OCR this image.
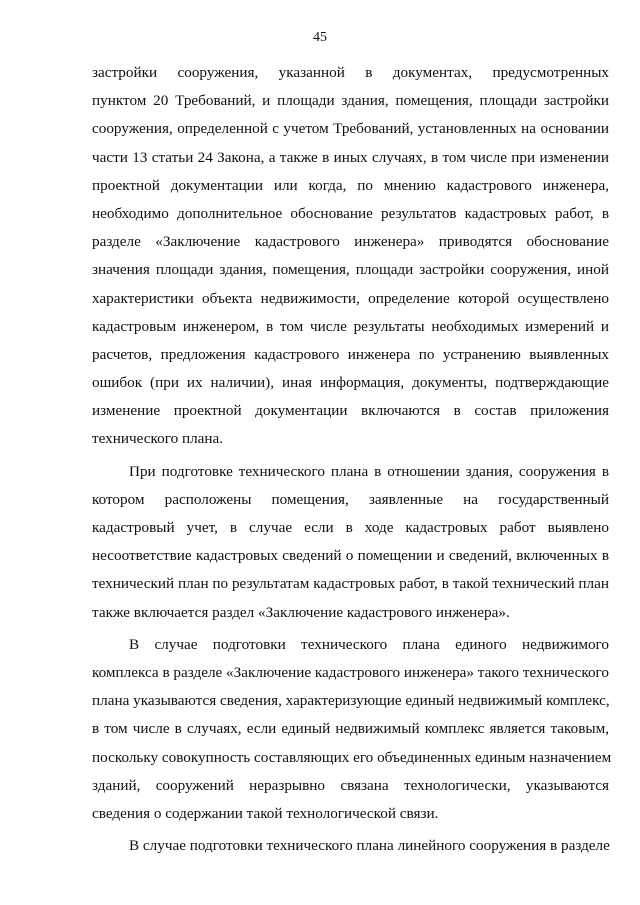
45
застройки сооружения, указанной в документах, предусмотренных
пунктом 20 Требований, и площади здания, помещения, площади застройки
сооружения, определенной с учетом Требований, установленных на основании
части 13 статьи 24 Закона, а также в иных случаях, в том числе при изменении
проектной документации или когда, по мнению кадастрового инженера,
необходимо дополнительное обоснование результатов кадастровых работ, в
разделе «Заключение кадастрового инженера» приводятся обоснование
значения площади здания, помещения, площади застройки сооружения, иной
характеристики объекта недвижимости, определение которой осуществлено
кадастровым инженером, в том числе результаты необходимых измерений и
расчетов, предложения кадастрового инженера по устранению выявленных
ошибок (при их наличии), иная информация, документы, подтверждающие
изменение проектной документации включаются в состав приложения
технического плана.
При подготовке технического плана в отношении здания, сооружения в
котором расположены помещения, заявленные на государственный
кадастровый учет, в случае если в ходе кадастровых работ выявлено
несоответствие кадастровых сведений о помещении и сведений, включенных в
технический план по результатам кадастровых работ, в такой технический план
также включается раздел «Заключение кадастрового инженера».
В случае подготовки технического плана единого недвижимого
комплекса в разделе «Заключение кадастрового инженера» такого технического
плана указываются сведения, характеризующие единый недвижимый комплекс,
в том числе в случаях, если единый недвижимый комплекс является таковым,
поскольку совокупность составляющих его объединенных единым назначением
зданий, сооружений неразрывно связана технологически, указываются
сведения о содержании такой технологической связи.
В случае подготовки технического плана линейного сооружения в разделе
